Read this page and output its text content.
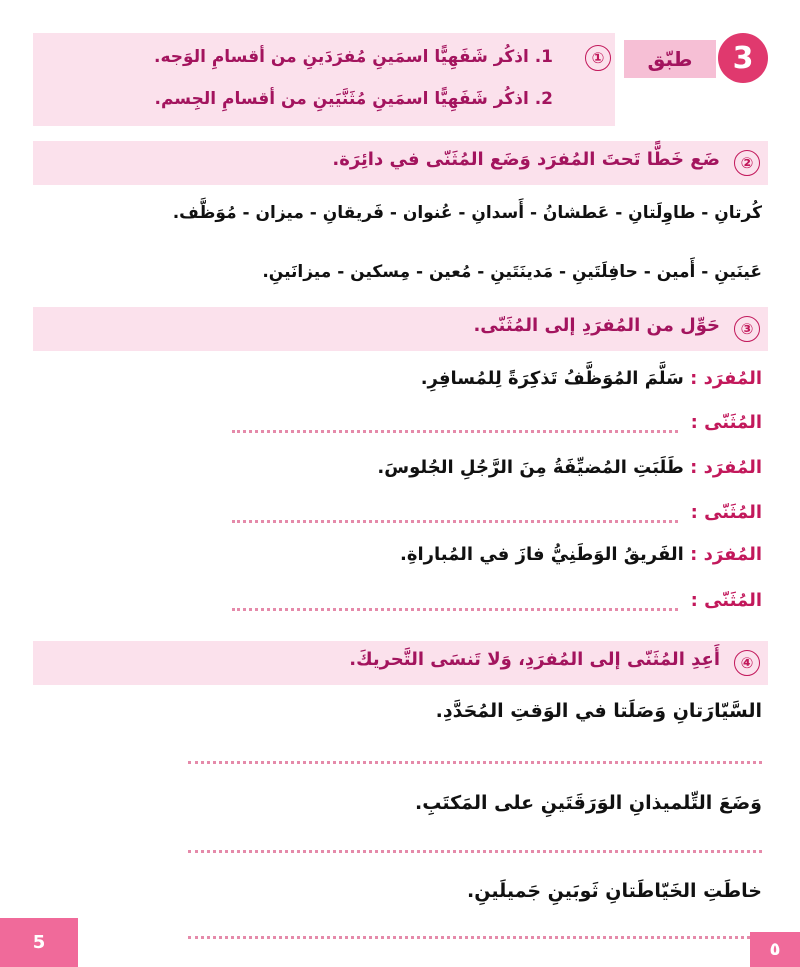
3
طبّق
①
1. اذكُر شَفَهِيًّا اسمَينِ مُفرَدَينِ من أقسامِ الوَجه.
2. اذكُر شَفَهِيًّا اسمَينِ مُثَنَّيَينِ من أقسامِ الجِسم.
②
ضَع خَطًّا تَحتَ المُفرَد وَضَع المُثَنّى في دائِرَة.
كُرتانِ - طاوِلَتانِ - عَطشانُ - أَسدانِ - عُنوان - فَريقانِ - ميزان - مُوَظَّف.
عَينَينِ - أَمين - حافِلَتَينِ - مَدينَتَينِ - مُعين - مِسكين - ميزانَينِ.
③
حَوِّل من المُفرَدِ إلى المُثَنّى.
المُفرَد : سَلَّمَ المُوَظَّفُ تَذكِرَةً لِلمُسافِرِ.
المُثَنّى :
المُفرَد : طَلَبَتِ المُضيِّفَةُ مِنَ الرَّجُلِ الجُلوسَ.
المُثَنّى :
المُفرَد : الفَريقُ الوَطَنِيُّ فازَ في المُباراةِ.
المُثَنّى :
④
أَعِدِ المُثَنّى إلى المُفرَدِ، وَلا تَنسَى التَّحريكَ.
السَّيّارَتانِ وَصَلَتا في الوَقتِ المُحَدَّدِ.
وَضَعَ التِّلميذانِ الوَرَقَتَينِ على المَكتَبِ.
خاطَتِ الخَيّاطَتانِ ثَوبَينِ جَميلَينِ.
5	٥
